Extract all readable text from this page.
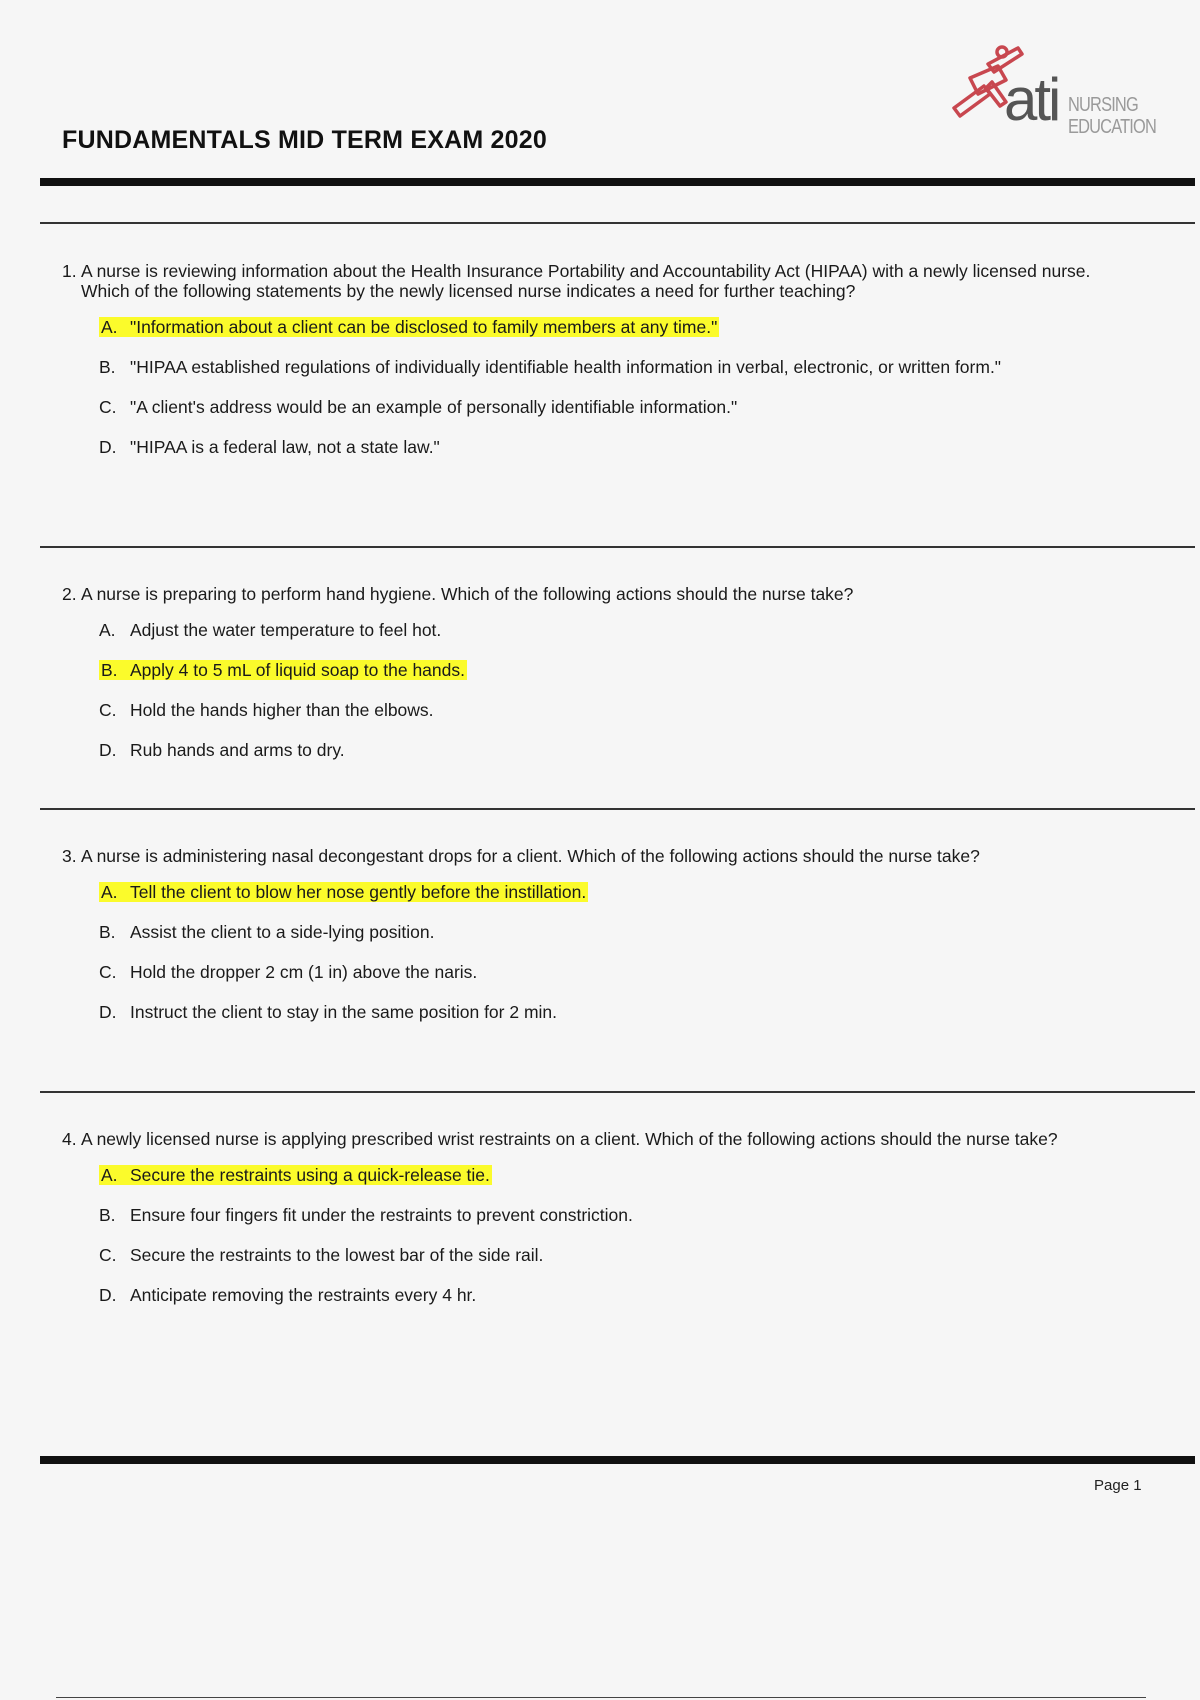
FUNDAMENTALS MID TERM EXAM 2020
ati NURSING
EDUCATION
1. A nurse is reviewing information about the Health Insurance Portability and Accountability Act (HIPAA) with a newly licensed nurse. Which of the following statements by the newly licensed nurse indicates a need for further teaching?
A. "Information about a client can be disclosed to family members at any time."
B. "HIPAA established regulations of individually identifiable health information in verbal, electronic, or written form."
C. "A client's address would be an example of personally identifiable information."
D. "HIPAA is a federal law, not a state law."
2. A nurse is preparing to perform hand hygiene. Which of the following actions should the nurse take?
A. Adjust the water temperature to feel hot.
B. Apply 4 to 5 mL of liquid soap to the hands.
C. Hold the hands higher than the elbows.
D. Rub hands and arms to dry.
3. A nurse is administering nasal decongestant drops for a client. Which of the following actions should the nurse take?
A. Tell the client to blow her nose gently before the instillation.
B. Assist the client to a side-lying position.
C. Hold the dropper 2 cm (1 in) above the naris.
D. Instruct the client to stay in the same position for 2 min.
4. A newly licensed nurse is applying prescribed wrist restraints on a client. Which of the following actions should the nurse take?
A. Secure the restraints using a quick-release tie.
B. Ensure four fingers fit under the restraints to prevent constriction.
C. Secure the restraints to the lowest bar of the side rail.
D. Anticipate removing the restraints every 4 hr.
Page 1
